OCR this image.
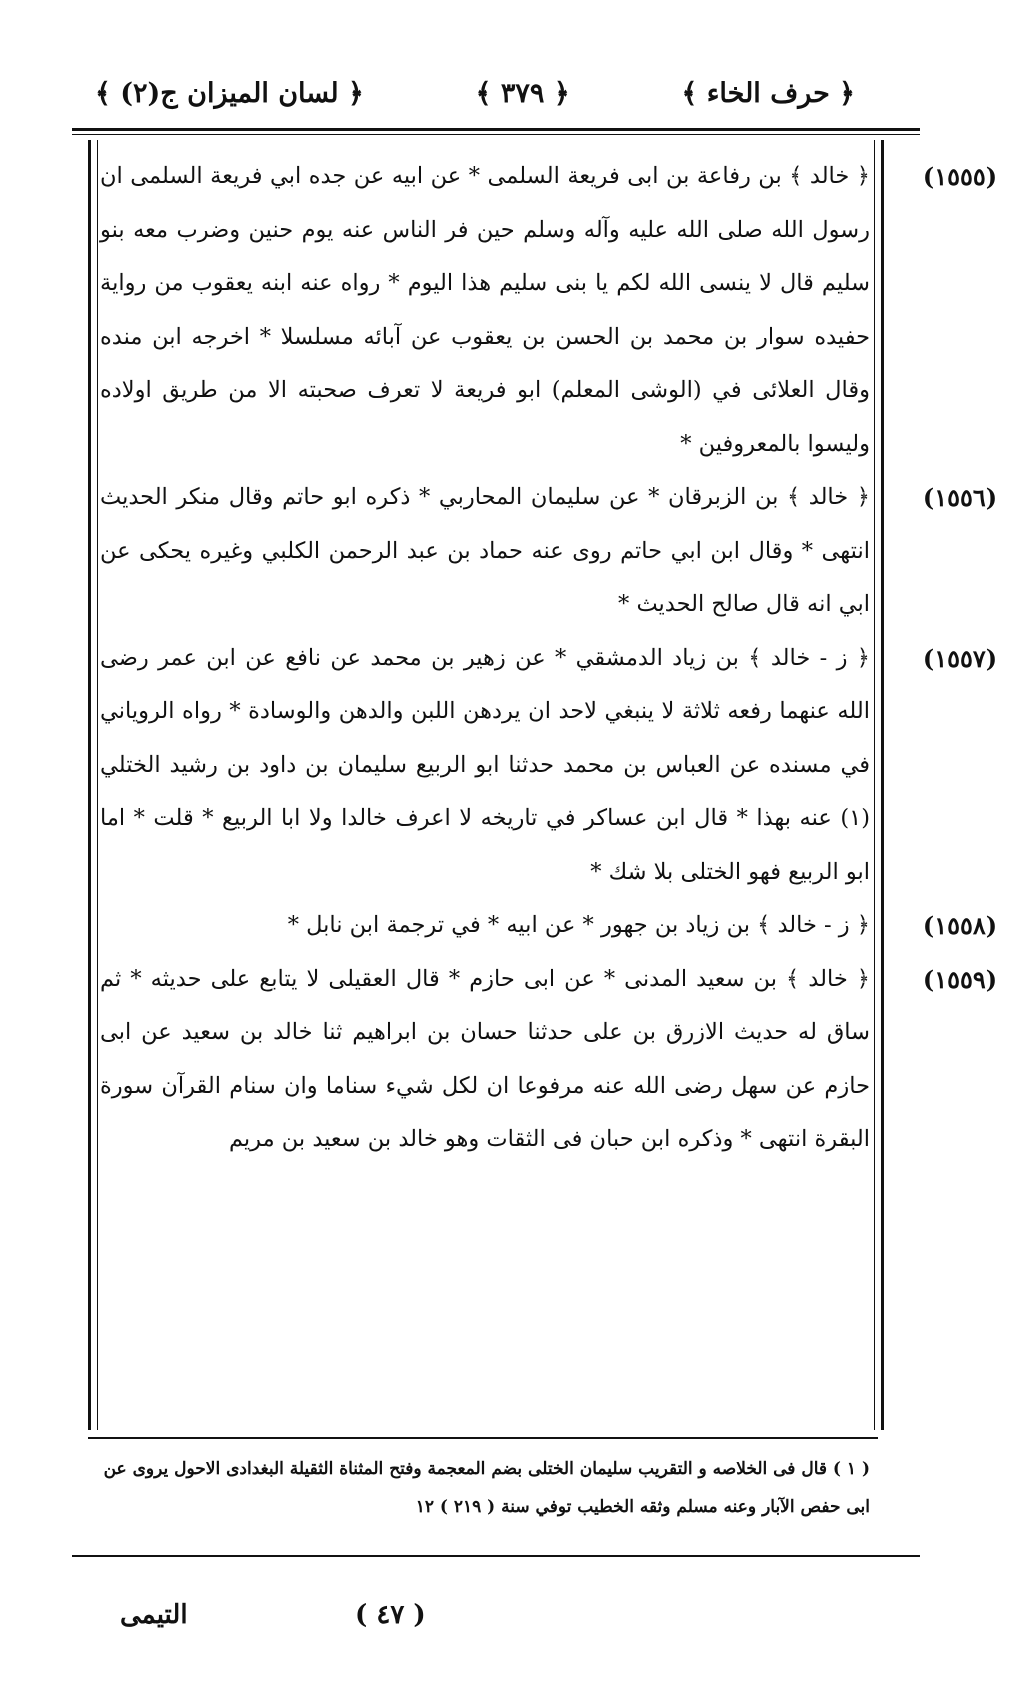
﴿ حرف الخاء ﴾
﴿ ٣٧٩ ﴾
﴿ لسان الميزان ج(٢) ﴾

(١٥٥٥)
﴿ خالد ﴾ بن رفاعة بن ابى فريعة السلمى * عن ابيه عن جده ابي فريعة السلمى ان رسول الله صلى الله عليه وآله وسلم حين فر الناس عنه يوم حنين وضرب معه بنو سليم قال لا ينسى الله لكم يا بنى سليم هذا اليوم * رواه عنه ابنه يعقوب من رواية حفيده سوار بن محمد بن الحسن بن يعقوب عن آبائه مسلسلا * اخرجه ابن منده وقال العلائى في (الوشى المعلم) ابو فريعة لا تعرف صحبته الا من طريق اولاده وليسوا بالمعروفين *

(١٥٥٦)
﴿ خالد ﴾ بن الزبرقان * عن سليمان المحاربي * ذكره ابو حاتم وقال منكر الحديث انتهى * وقال ابن ابي حاتم روى عنه حماد بن عبد الرحمن الكلبي وغيره يحكى عن ابي انه قال صالح الحديث *

(١٥٥٧)
﴿ ز - خالد ﴾ بن زياد الدمشقي * عن زهير بن محمد عن نافع عن ابن عمر رضى الله عنهما رفعه ثلاثة لا ينبغي لاحد ان يردهن اللبن والدهن والوسادة * رواه الروياني في مسنده عن العباس بن محمد حدثنا ابو الربيع سليمان بن داود بن رشيد الختلي (١) عنه بهذا * قال ابن عساكر في تاريخه لا اعرف خالدا ولا ابا الربيع * قلت * اما ابو الربيع فهو الختلى بلا شك *

(١٥٥٨)
﴿ ز - خالد ﴾ بن زياد بن جهور * عن ابيه * في ترجمة ابن نابل *

(١٥٥٩)
﴿ خالد ﴾ بن سعيد المدنى * عن ابى حازم * قال العقيلى لا يتابع على حديثه * ثم ساق له حديث الازرق بن على حدثنا حسان بن ابراهيم ثنا خالد بن سعيد عن ابى حازم عن سهل رضى الله عنه مرفوعا ان لكل شيء سناما وان سنام القرآن سورة البقرة انتهى * وذكره ابن حبان فى الثقات وهو خالد بن سعيد بن مريم

( ١ ) قال فى الخلاصه و التقريب سليمان الختلى بضم المعجمة وفتح المثناة الثقيلة البغدادى الاحول يروى عن ابى حفص الآبار وعنه مسلم وثقه الخطيب توفي سنة ( ٢١٩ ) ١٢
( ٤٧ )
التيمى
